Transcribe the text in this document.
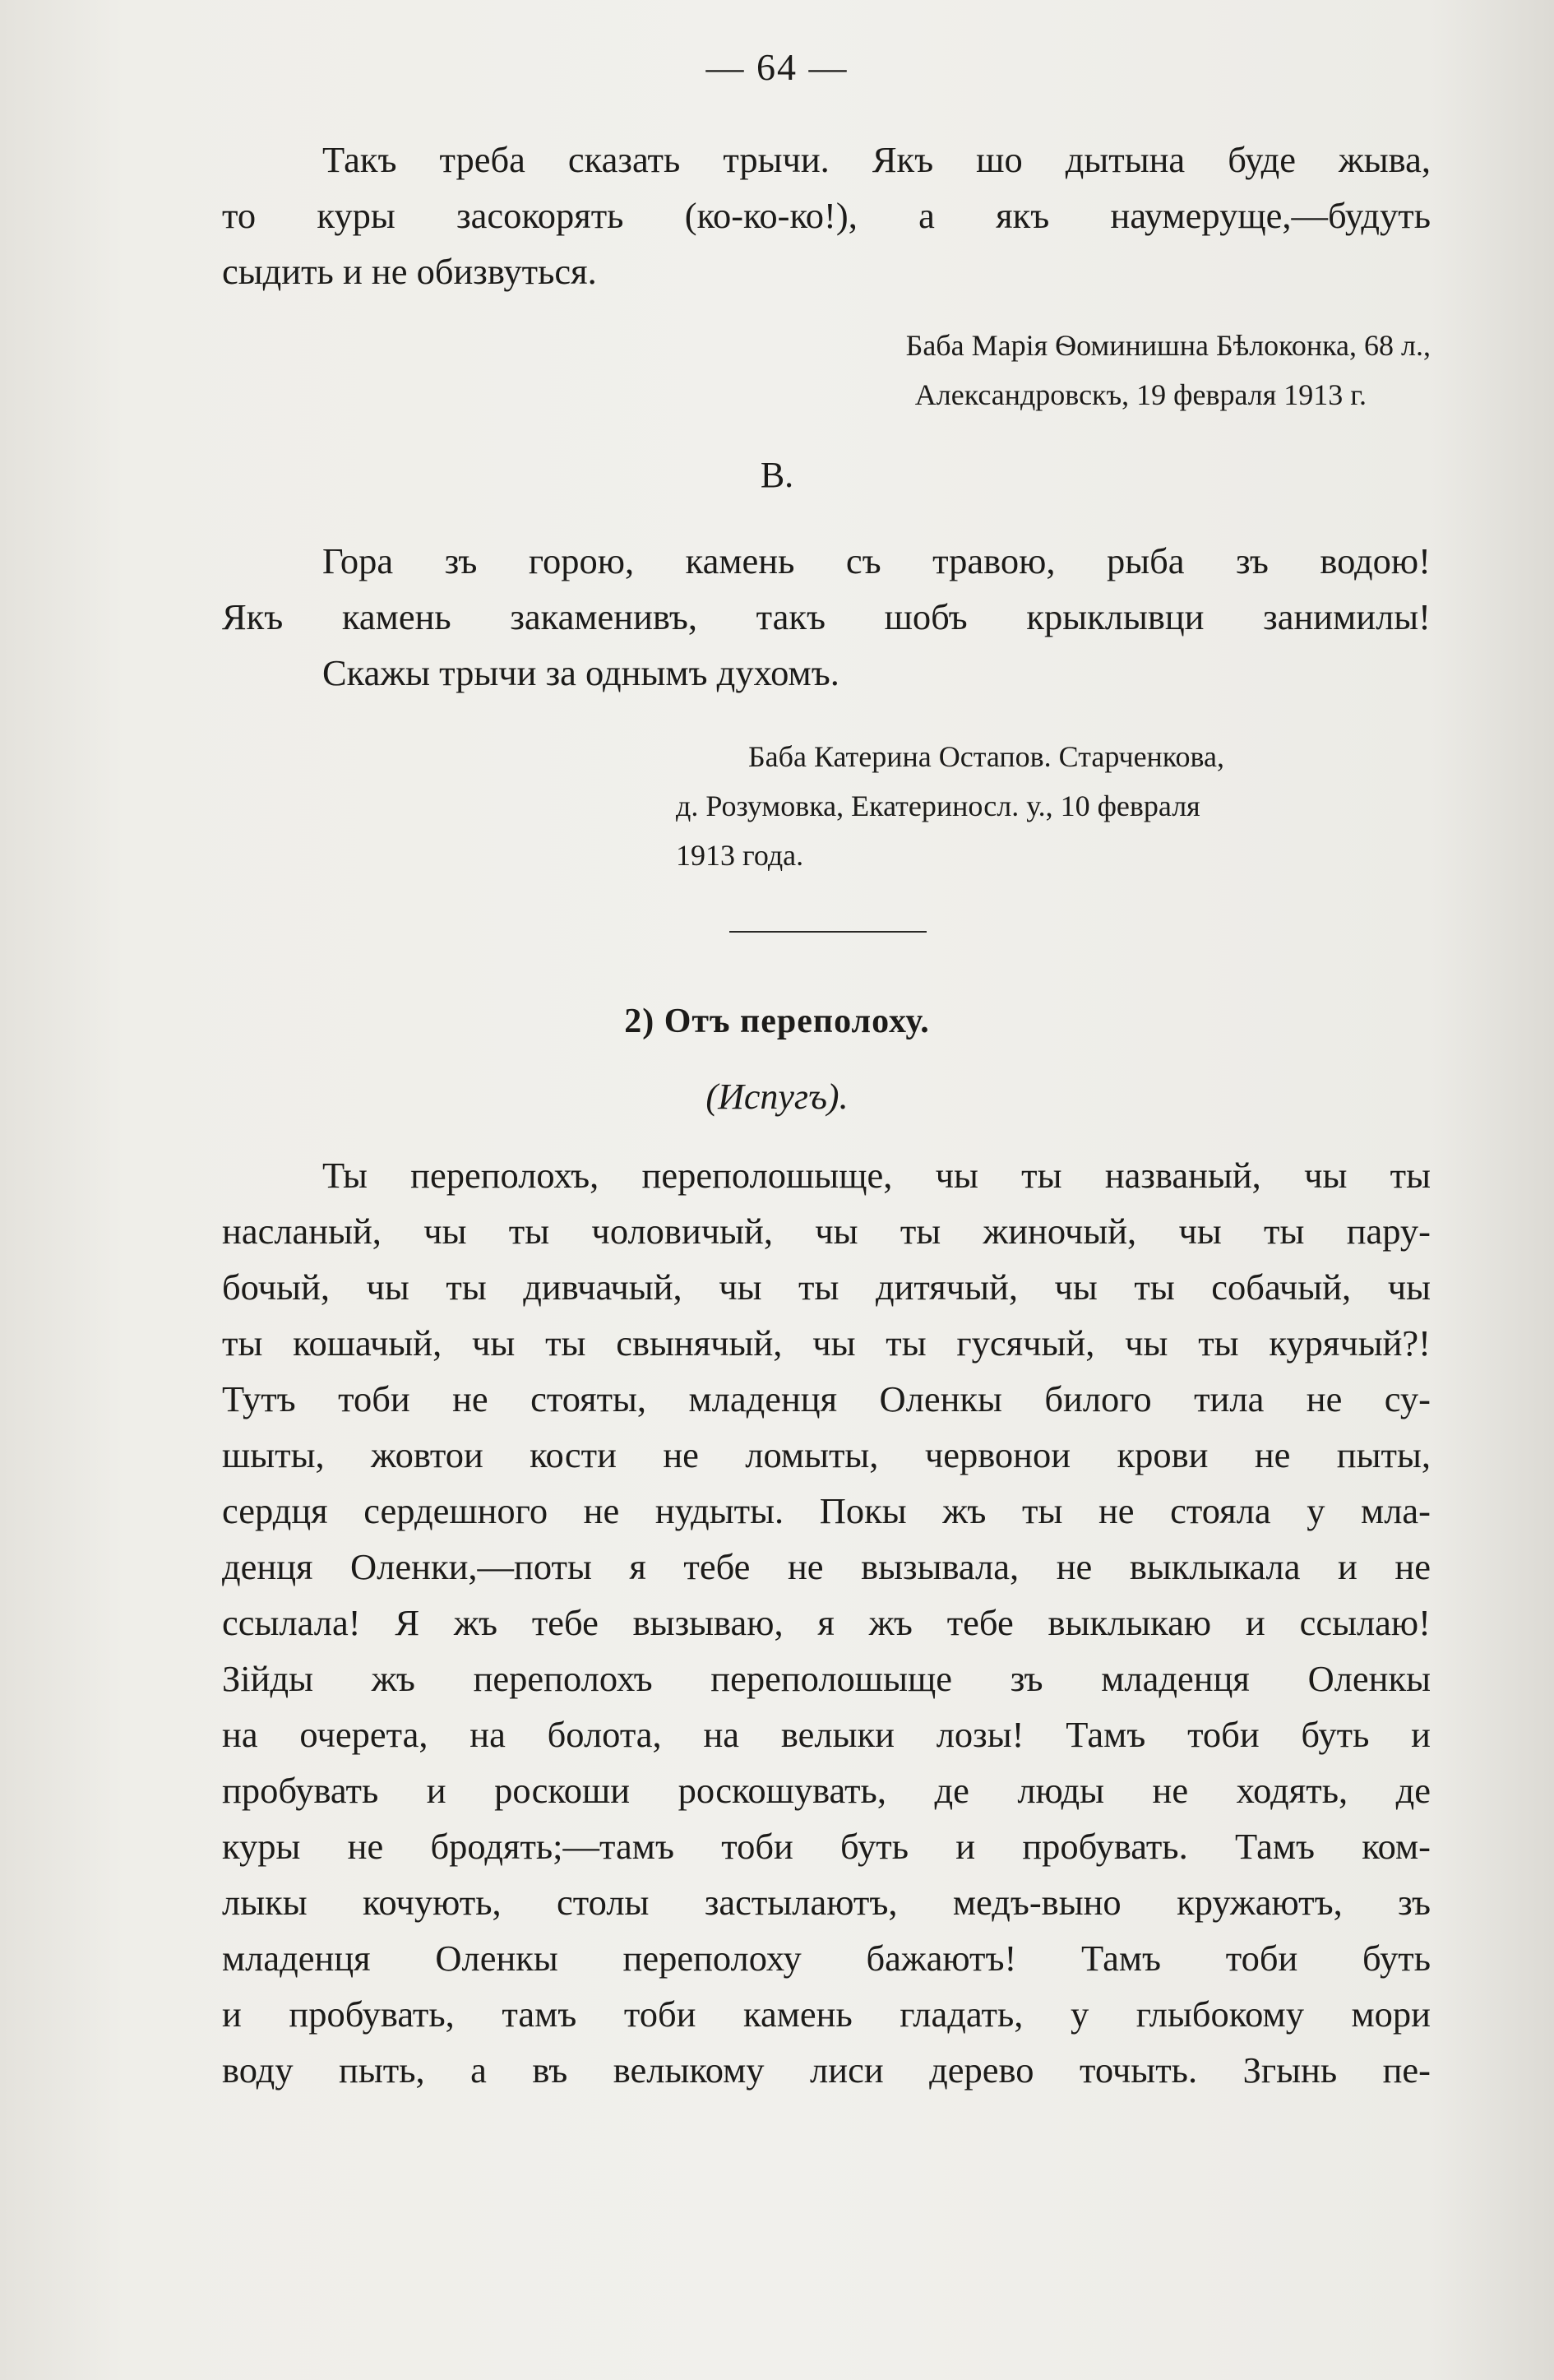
— 64 —

Такъ треба сказать трычи. Якъ шо дытына буде жыва,
то куры засокорять (ко-ко-ко!), а якъ наумеруще,—будуть
сыдить и не обизвуться.

Баба Марія Ѳоминишна Бѣлоконка, 68 л.,
Александровскъ, 19 февраля 1913 г.
В.

Гора зъ горою, камень съ травою, рыба зъ водою!
Якъ камень закаменивъ, такъ шобъ крыклывци занимилы!
Скажы трычи за однымъ духомъ.

Баба Катерина Остапов. Старченкова,
д. Розумовка, Екатериносл. у., 10 февраля
1913 года.
2) Отъ переполоху.
(Испугъ).

Ты переполохъ, переполошыще, чы ты названый, чы ты
насланый, чы ты чоловичый, чы ты жиночый, чы ты пару-
бочый, чы ты дивчачый, чы ты дитячый, чы ты собачый, чы
ты кошачый, чы ты свынячый, чы ты гусячый, чы ты курячый?!
Тутъ тоби не стояты, младенця Оленкы билого тила не су-
шыты, жовтои кости не ломыты, червонои крови не пыты,
сердця сердешного не нудыты. Покы жъ ты не стояла у мла-
денця Оленки,—поты я тебе не вызывала, не выклыкала и не
ссылала! Я жъ тебе вызываю, я жъ тебе выклыкаю и ссылаю!
Зійды жъ переполохъ переполошыще зъ младенця Оленкы
на очерета, на болота, на велыки лозы! Тамъ тоби буть и
пробувать и роскоши роскошувать, де люды не ходять, де
куры не бродять;—тамъ тоби буть и пробувать. Тамъ ком-
лыкы кочують, столы застылаютъ, медъ-выно кружаютъ, зъ
младенця Оленкы переполоху бажаютъ! Тамъ тоби буть
и пробувать, тамъ тоби камень гладать, у глыбокому мори
воду пыть, а въ велыкому лиси дерево точыть. Згынь пе-
